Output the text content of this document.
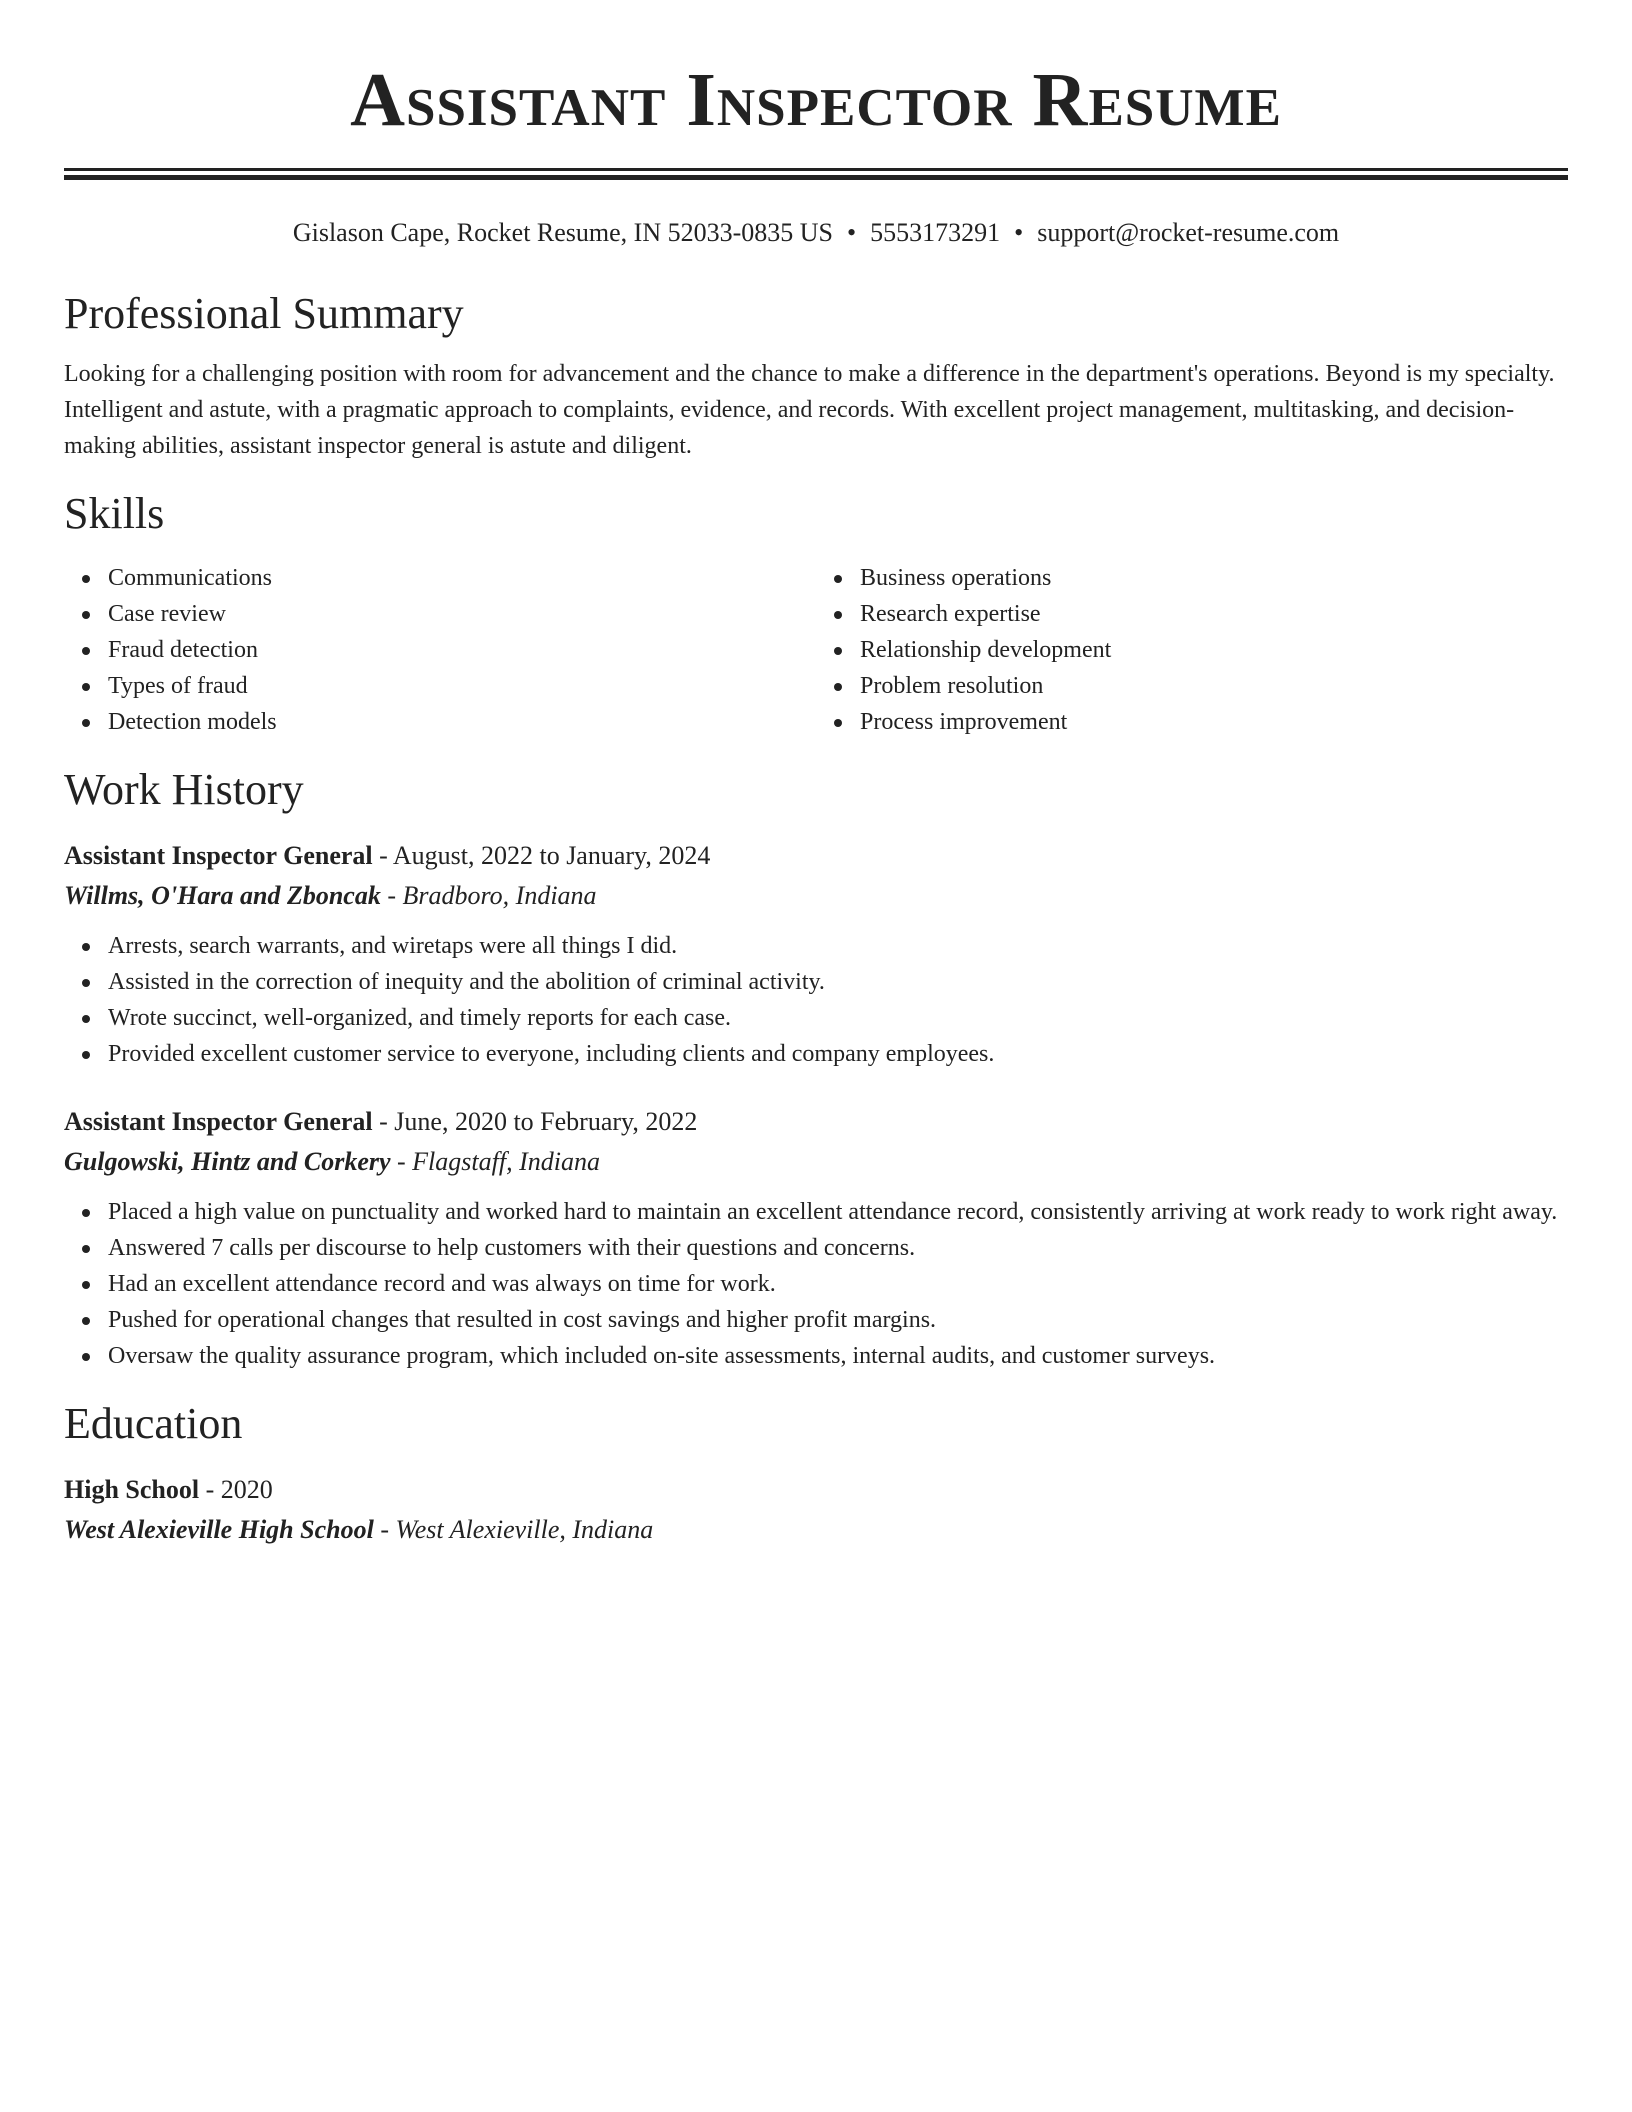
Assistant Inspector Resume
Gislason Cape, Rocket Resume, IN 52033-0835 US • 5553173291 • support@rocket-resume.com
Professional Summary

Looking for a challenging position with room for advancement and the chance to make a difference in the department's operations. Beyond is my specialty. Intelligent and astute, with a pragmatic approach to complaints, evidence, and records. With excellent project management, multitasking, and decision-making abilities, assistant inspector general is astute and diligent.

Skills
Communications
Case review
Fraud detection
Types of fraud
Detection models
Business operations
Research expertise
Relationship development
Problem resolution
Process improvement
Work History
Assistant Inspector General - August, 2022 to January, 2024
Willms, O'Hara and Zboncak - Bradboro, Indiana
Arrests, search warrants, and wiretaps were all things I did.
Assisted in the correction of inequity and the abolition of criminal activity.
Wrote succinct, well-organized, and timely reports for each case.
Provided excellent customer service to everyone, including clients and company employees.
Assistant Inspector General - June, 2020 to February, 2022
Gulgowski, Hintz and Corkery - Flagstaff, Indiana
Placed a high value on punctuality and worked hard to maintain an excellent attendance record, consistently arriving at work ready to work right away.
Answered 7 calls per discourse to help customers with their questions and concerns.
Had an excellent attendance record and was always on time for work.
Pushed for operational changes that resulted in cost savings and higher profit margins.
Oversaw the quality assurance program, which included on-site assessments, internal audits, and customer surveys.
Education
High School - 2020
West Alexieville High School - West Alexieville, Indiana
